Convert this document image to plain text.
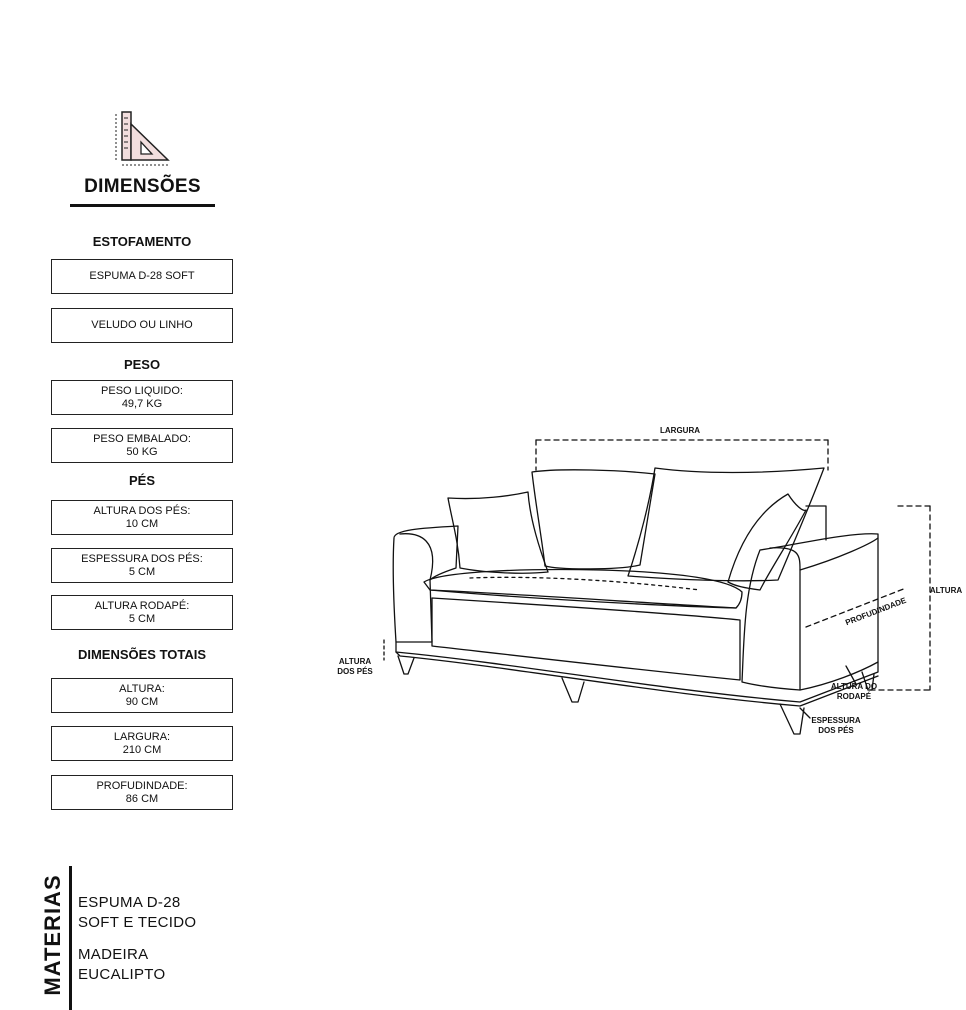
DIMENSÕES
ESTOFAMENTO
ESPUMA D-28 SOFT
VELUDO OU LINHO
PESO
PESO LIQUIDO:
49,7 KG
PESO EMBALADO:
50 KG
PÉS
ALTURA DOS PÉS:
10 CM
ESPESSURA DOS PÉS:
5 CM
ALTURA RODAPÉ:
5 CM
DIMENSÕES TOTAIS
ALTURA:
90 CM
LARGURA:
210 CM
PROFUDINDADE:
86 CM
MATERIAS ESPUMA D-28
SOFT E TECIDO
MADEIRA
EUCALIPTO
LARGURA
ALTURA
PROFUDINDADE
ALTURA
DOS PÉS
ALTURA DO
RODAPÉ
ESPESSURA
DOS PÉS
